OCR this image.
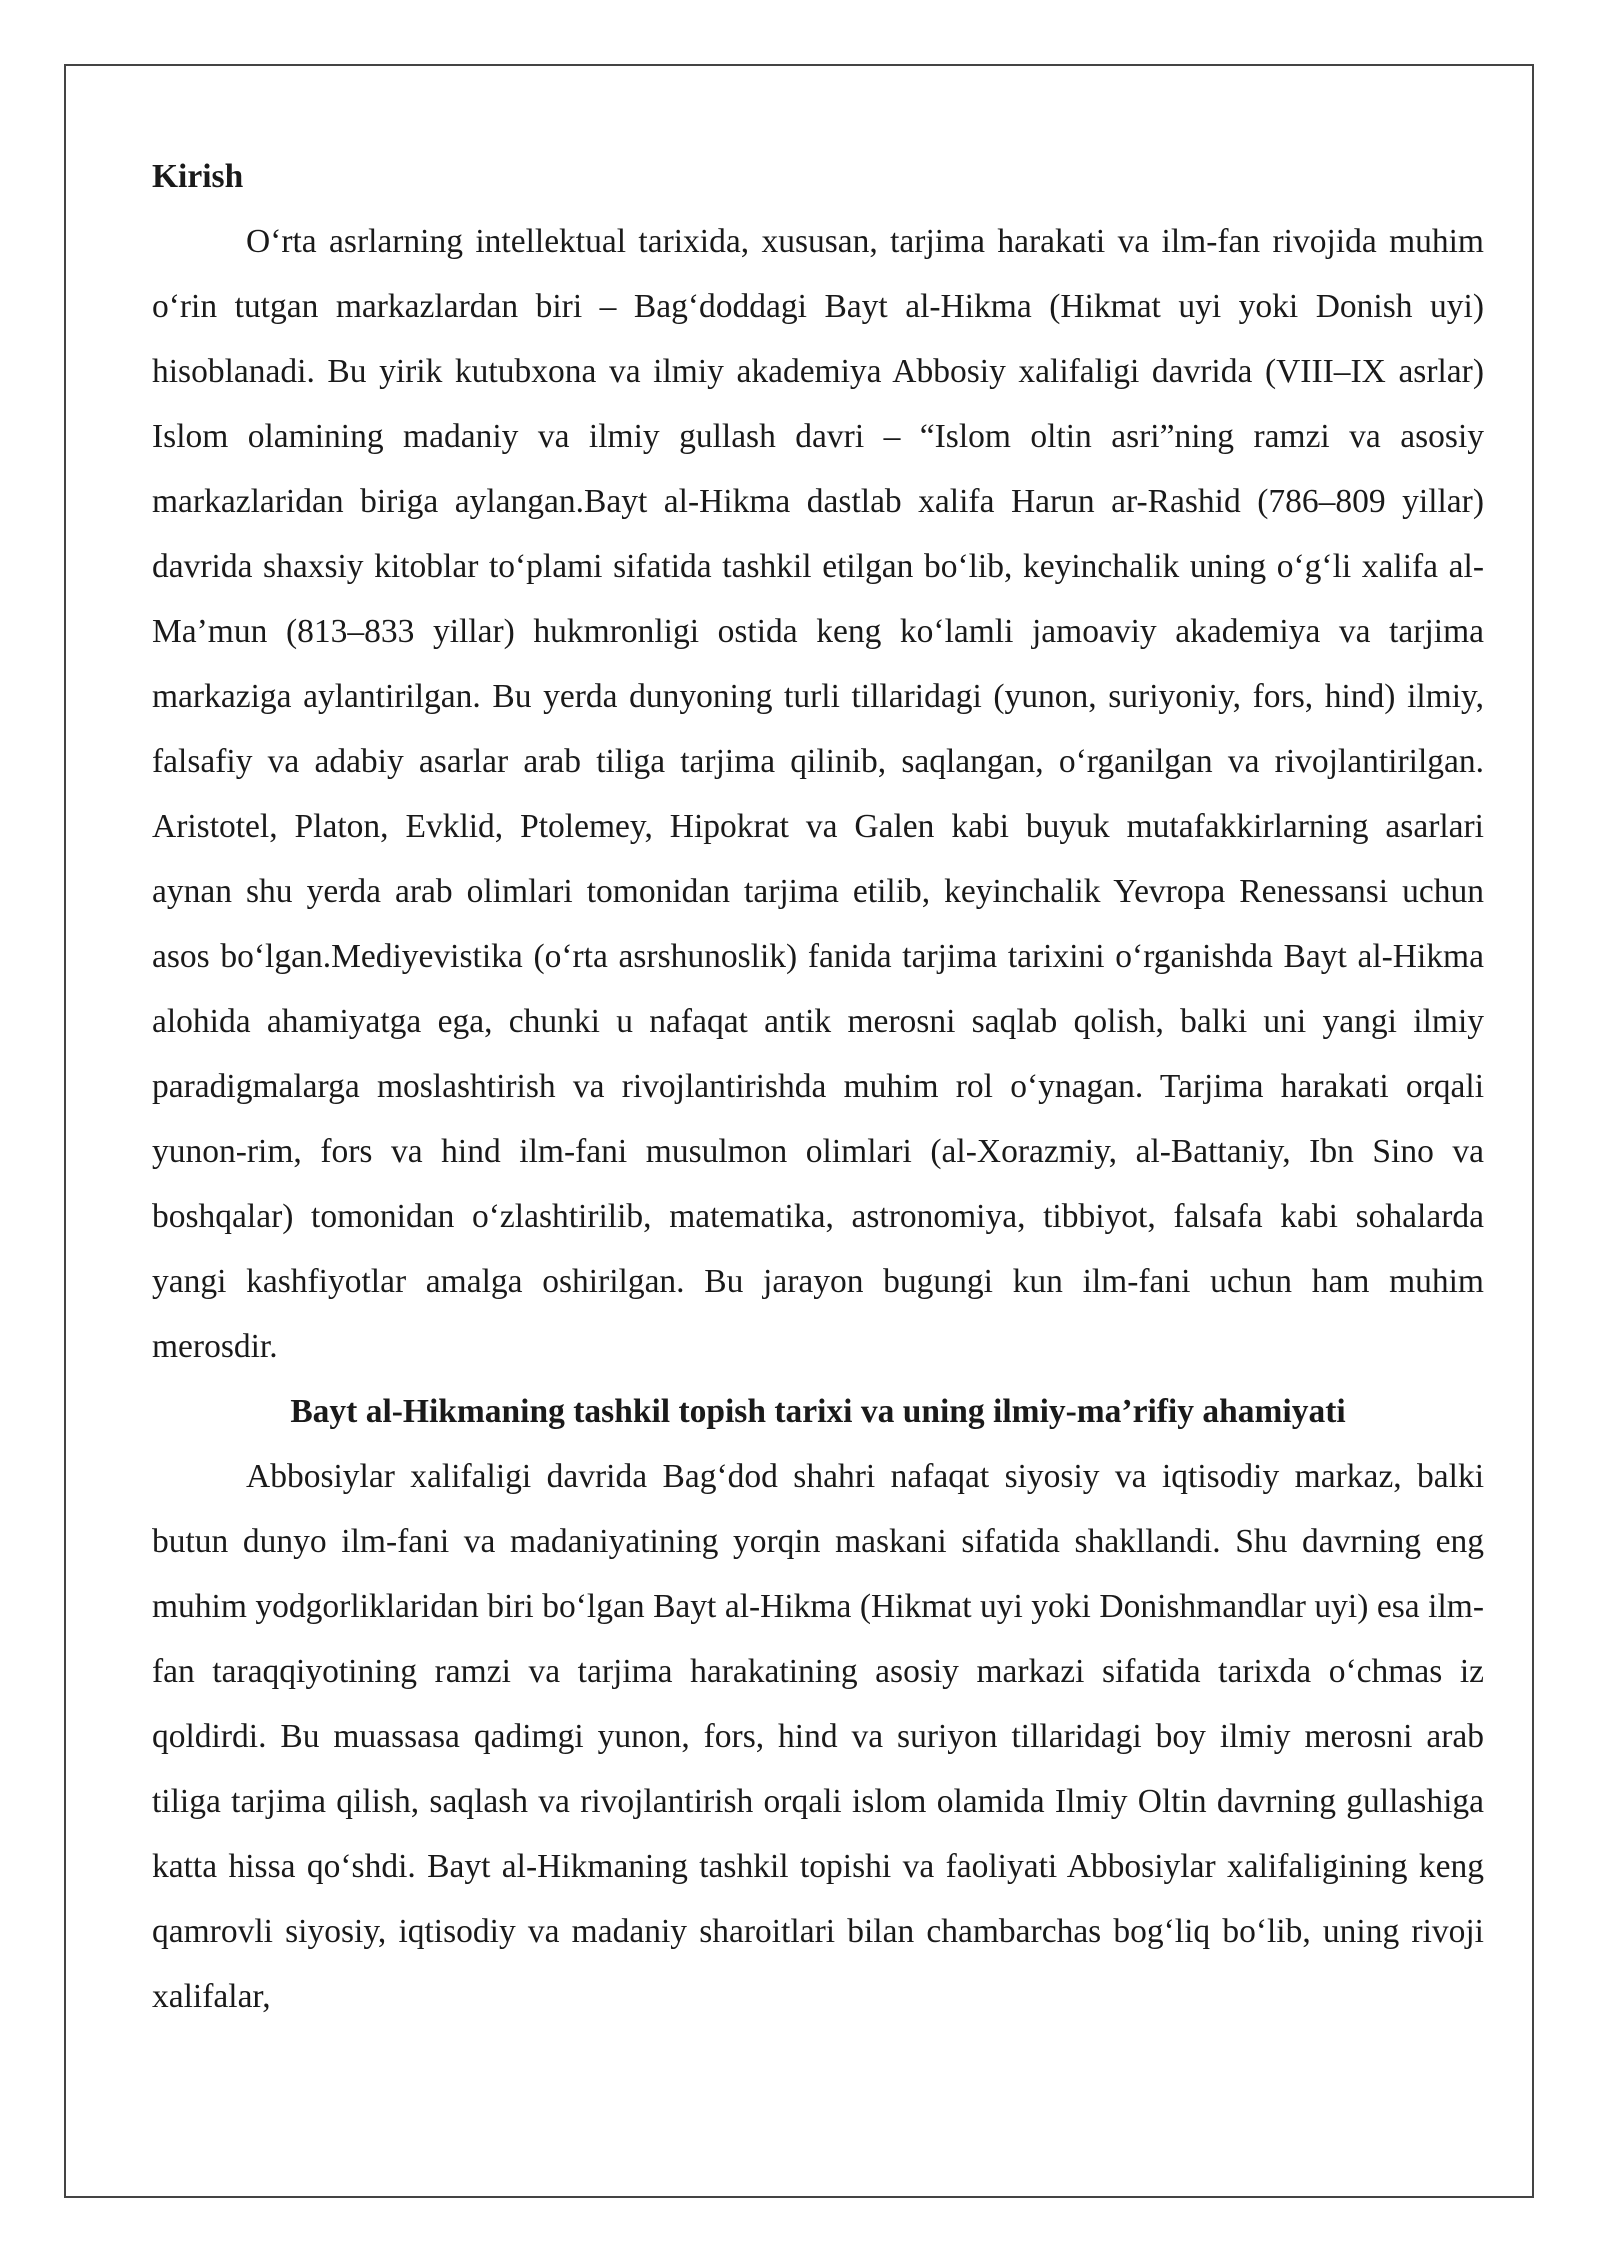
Kirish

O‘rta asrlarning intellektual tarixida, xususan, tarjima harakati va ilm-fan rivojida muhim o‘rin tutgan markazlardan biri – Bag‘doddagi Bayt al-Hikma (Hikmat uyi yoki Donish uyi) hisoblanadi. Bu yirik kutubxona va ilmiy akademiya Abbosiy xalifaligi davrida (VIII–IX asrlar) Islom olamining madaniy va ilmiy gullash davri – “Islom oltin asri”ning ramzi va asosiy markazlaridan biriga aylangan.Bayt al-Hikma dastlab xalifa Harun ar-Rashid (786–809 yillar) davrida shaxsiy kitoblar to‘plami sifatida tashkil etilgan bo‘lib, keyinchalik uning o‘g‘li xalifa al-Ma’mun (813–833 yillar) hukmronligi ostida keng ko‘lamli jamoaviy akademiya va tarjima markaziga aylantirilgan. Bu yerda dunyoning turli tillaridagi (yunon, suriyoniy, fors, hind) ilmiy, falsafiy va adabiy asarlar arab tiliga tarjima qilinib, saqlangan, o‘rganilgan va rivojlantirilgan. Aristotel, Platon, Evklid, Ptolemey, Hipokrat va Galen kabi buyuk mutafakkirlarning asarlari aynan shu yerda arab olimlari tomonidan tarjima etilib, keyinchalik Yevropa Renessansi uchun asos bo‘lgan.Mediyevistika (o‘rta asrshunoslik) fanida tarjima tarixini o‘rganishda Bayt al-Hikma alohida ahamiyatga ega, chunki u nafaqat antik merosni saqlab qolish, balki uni yangi ilmiy paradigmalarga moslashtirish va rivojlantirishda muhim rol o‘ynagan. Tarjima harakati orqali yunon-rim, fors va hind ilm-fani musulmon olimlari (al-Xorazmiy, al-Battaniy, Ibn Sino va boshqalar) tomonidan o‘zlashtirilib, matematika, astronomiya, tibbiyot, falsafa kabi sohalarda yangi kashfiyotlar amalga oshirilgan. Bu jarayon bugungi kun ilm-fani uchun ham muhim merosdir.

Bayt al-Hikmaning tashkil topish tarixi va uning ilmiy-ma’rifiy ahamiyati

Abbosiylar xalifaligi davrida Bag‘dod shahri nafaqat siyosiy va iqtisodiy markaz, balki butun dunyo ilm-fani va madaniyatining yorqin maskani sifatida shakllandi. Shu davrning eng muhim yodgorliklaridan biri bo‘lgan Bayt al-Hikma (Hikmat uyi yoki Donishmandlar uyi) esa ilm-fan taraqqiyotining ramzi va tarjima harakatining asosiy markazi sifatida tarixda o‘chmas iz qoldirdi. Bu muassasa qadimgi yunon, fors, hind va suriyon tillaridagi boy ilmiy merosni arab tiliga tarjima qilish, saqlash va rivojlantirish orqali islom olamida Ilmiy Oltin davrning gullashiga katta hissa qo‘shdi. Bayt al-Hikmaning tashkil topishi va faoliyati Abbosiylar xalifaligining keng qamrovli siyosiy, iqtisodiy va madaniy sharoitlari bilan chambarchas bog‘liq bo‘lib, uning rivoji xalifalar,
